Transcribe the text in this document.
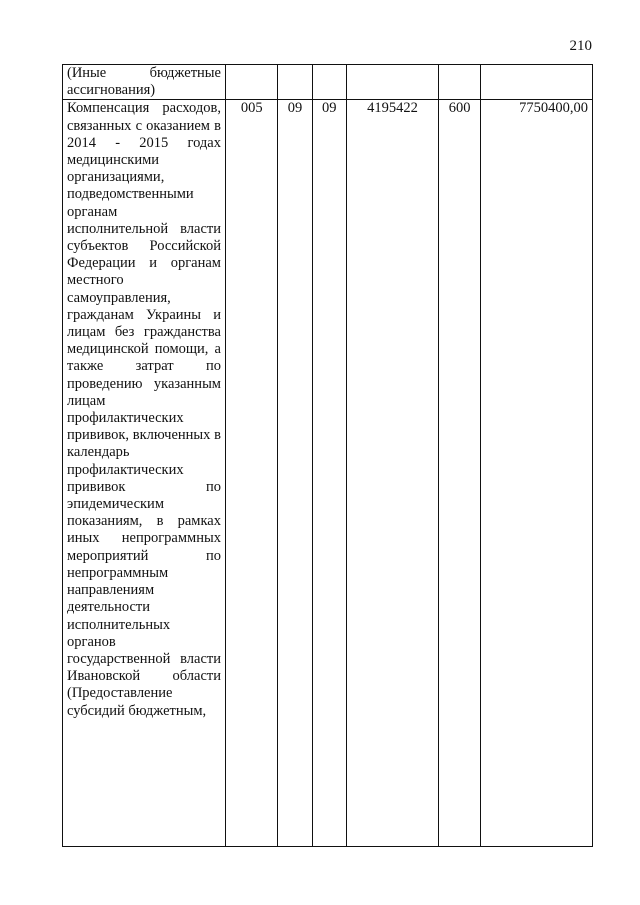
210
(Иные бюджетные ассигнования)						
Компенсация расходов, связанных с оказанием в 2014 - 2015 годах медицинскими организациями, подведомственными органам исполнительной власти субъектов Российской Федерации и органам местного самоуправления, гражданам Украины и лицам без гражданства медицинской помощи, а также затрат по проведению указанным лицам профилактических прививок, включенных в календарь профилактических прививок по эпидемическим показаниям, в рамках иных непрограммных мероприятий по непрограммным направлениям деятельности исполнительных органов государственной власти Ивановской области (Предоставление субсидий бюджетным,	005	09	09	4195422	600	7750400,00
